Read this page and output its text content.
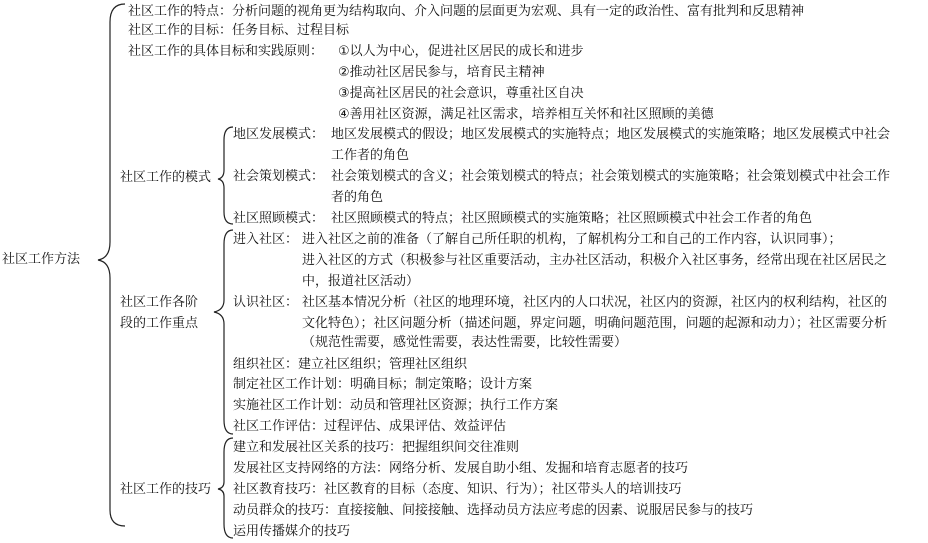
社区工作方法
社区工作的特点：分析问题的视角更为结构取向、介入问题的层面更为宏观、具有一定的政治性、富有批判和反思精神
社区工作的目标：任务目标、过程目标
社区工作的具体目标和实践原则： ①以人为中心，促进社区居民的成长和进步
②推动社区居民参与，培育民主精神
③提高社区居民的社会意识，尊重社区自决
④善用社区资源，满足社区需求，培养相互关怀和社区照顾的美德
社区工作的模式
地区发展模式： 地区发展模式的假设；地区发展模式的实施特点；地区发展模式的实施策略；地区发展模式中社会
工作者的角色
社会策划模式： 社会策划模式的含义；社会策划模式的特点；社会策划模式的实施策略；社会策划模式中社会工作
者的角色
社区照顾模式： 社区照顾模式的特点；社区照顾模式的实施策略；社区照顾模式中社会工作者的角色
社区工作各阶
段的工作重点
进入社区： 进入社区之前的准备（了解自己所任职的机构，了解机构分工和自己的工作内容，认识同事）；
进入社区的方式（积极参与社区重要活动，主办社区活动，积极介入社区事务，经常出现在社区居民之
中，报道社区活动）
认识社区： 社区基本情况分析（社区的地理环境，社区内的人口状况，社区内的资源，社区内的权利结构，社区的
文化特色）；社区问题分析（描述问题，界定问题，明确问题范围，问题的起源和动力）；社区需要分析
（规范性需要，感觉性需要，表达性需要，比较性需要）
组织社区：建立社区组织；管理社区组织
制定社区工作计划：明确目标；制定策略；设计方案
实施社区工作计划：动员和管理社区资源；执行工作方案
社区工作评估：过程评估、成果评估、效益评估
社区工作的技巧
建立和发展社区关系的技巧：把握组织间交往准则
发展社区支持网络的方法：网络分析、发展自助小组、发掘和培育志愿者的技巧
社区教育技巧：社区教育的目标（态度、知识、行为）；社区带头人的培训技巧
动员群众的技巧：直接接触、间接接触、选择动员方法应考虑的因素、说服居民参与的技巧
运用传播媒介的技巧
